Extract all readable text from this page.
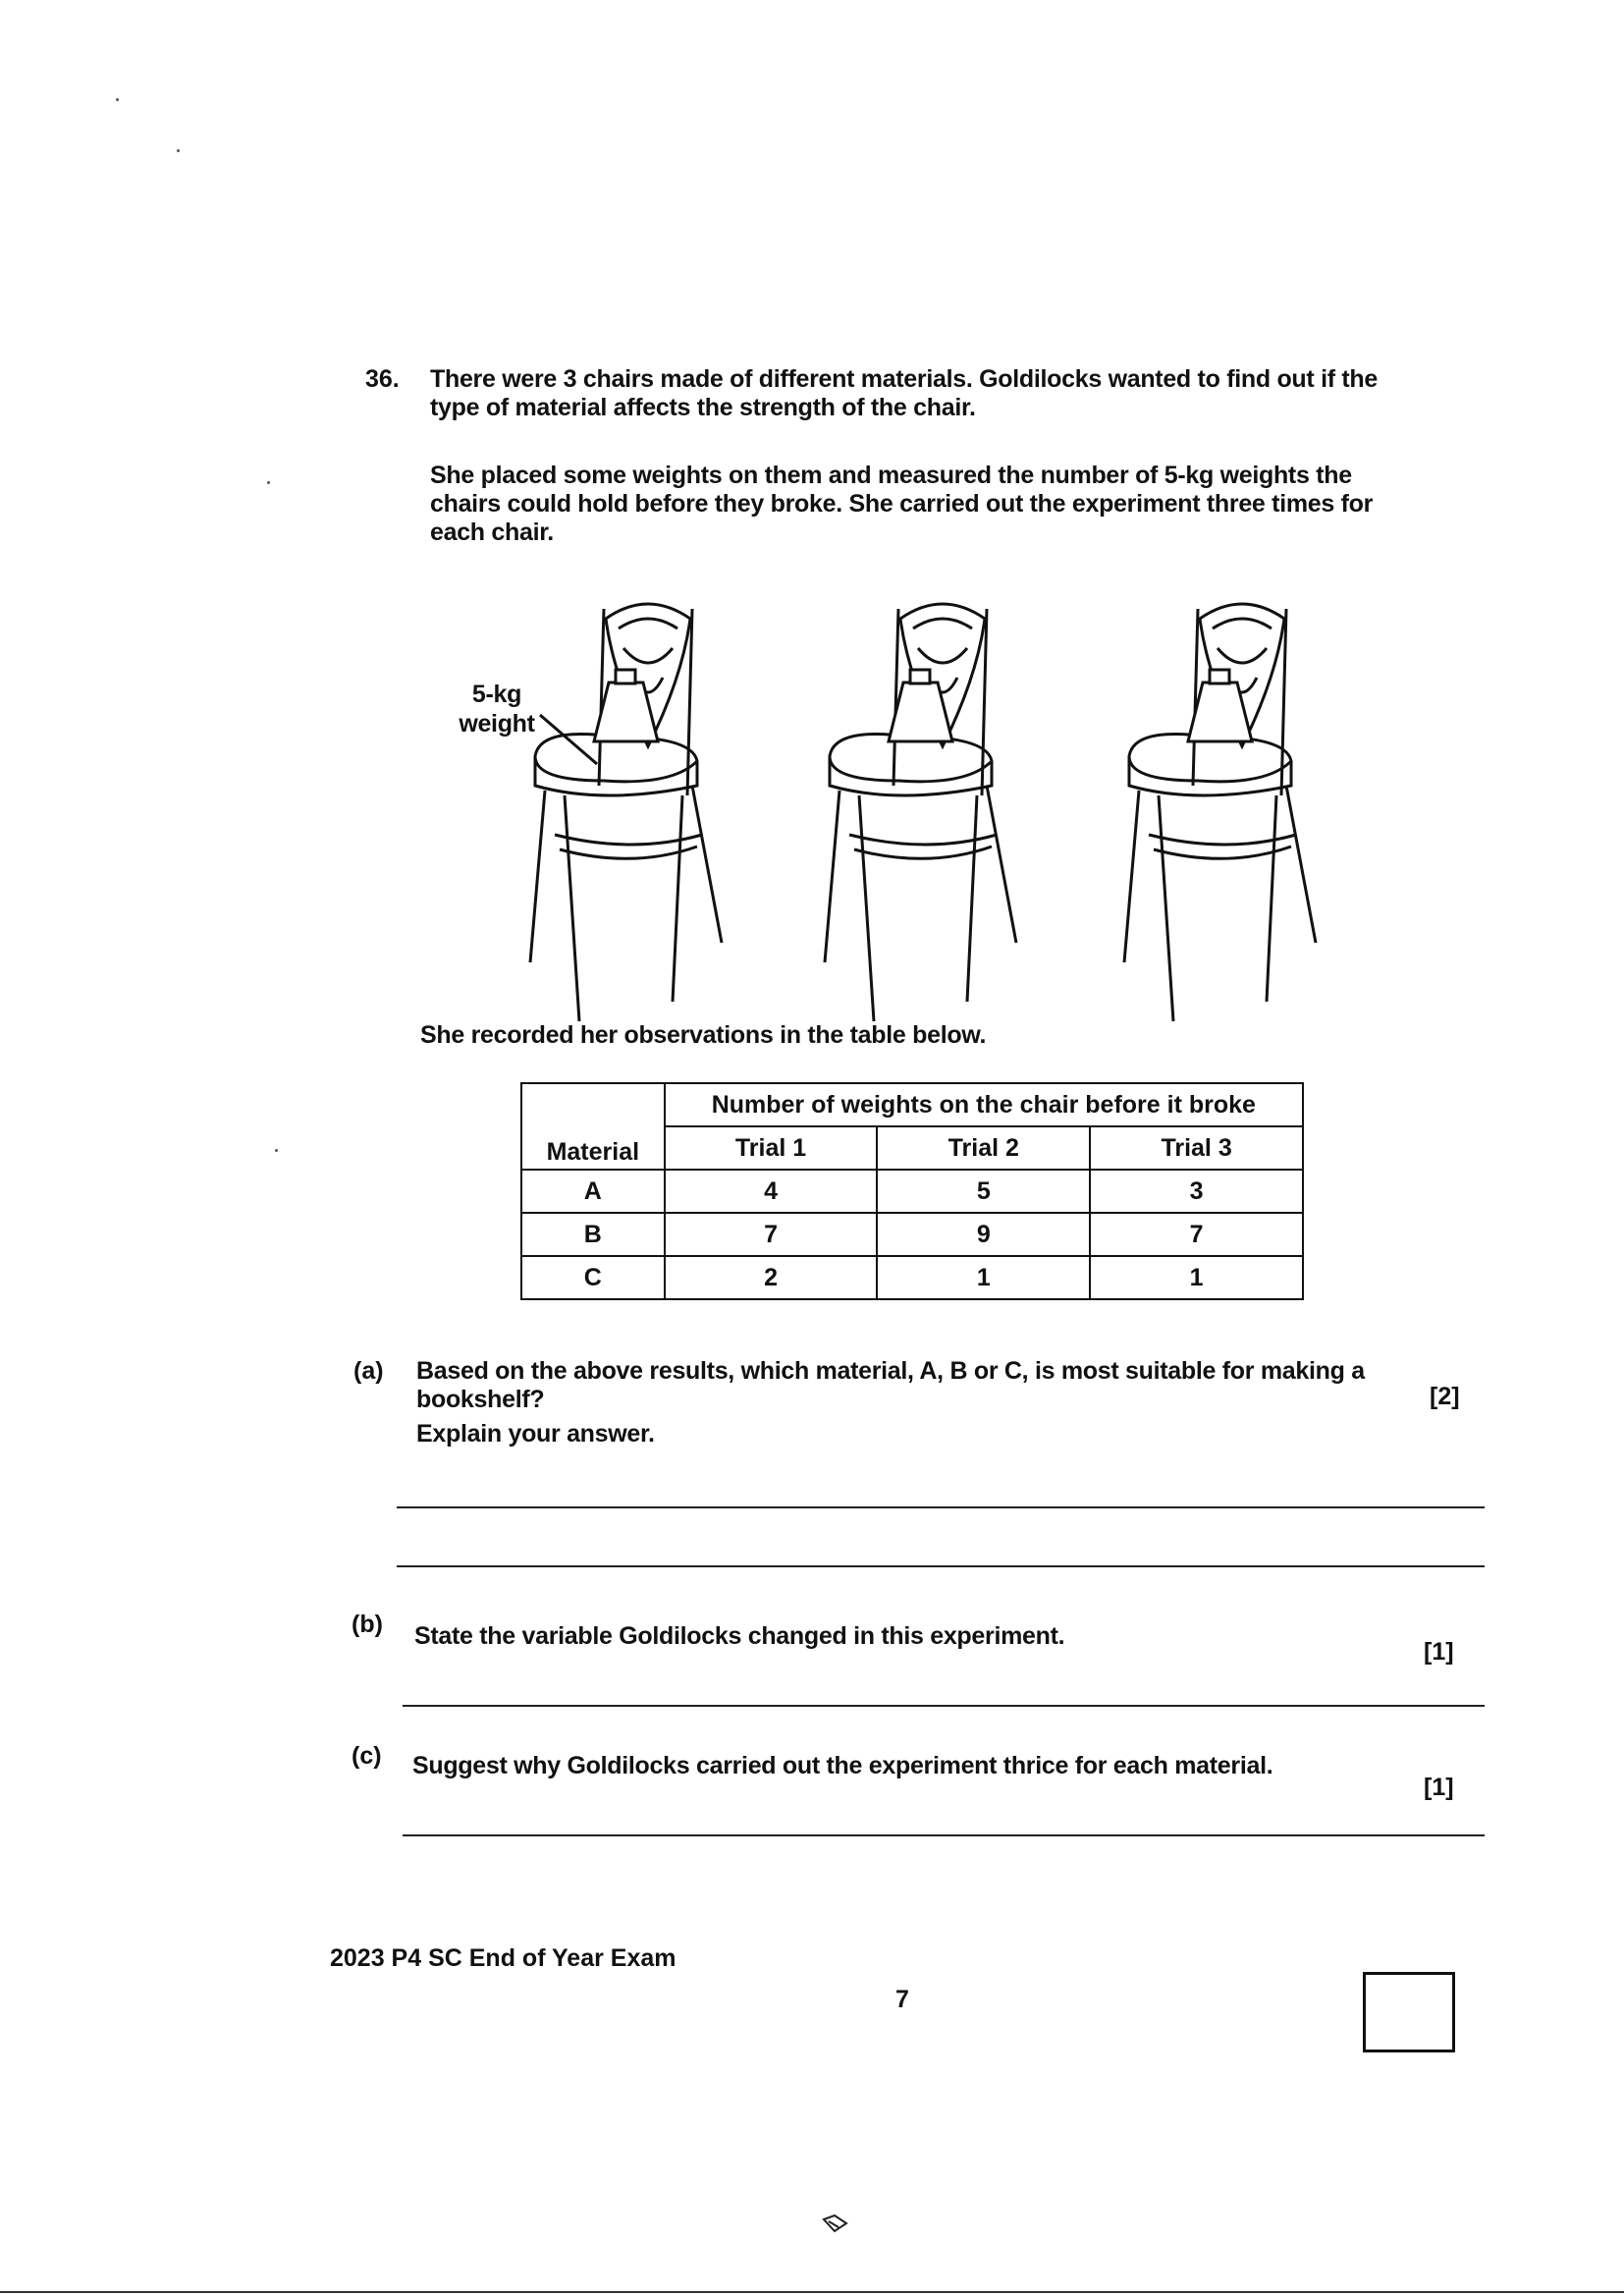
36. There were 3 chairs made of different materials. Goldilocks wanted to find out if the type of material affects the strength of the chair.
She placed some weights on them and measured the number of 5-kg weights the chairs could hold before they broke. She carried out the experiment three times for each chair.
5-kg weight
She recorded her observations in the table below.
Material	Number of weights on the chair before it broke		
	Trial 1	Trial 2	Trial 3
A	4	5	3
B	7	9	7
C	2	1	1
(a) Based on the above results, which material, A, B or C, is most suitable for making a bookshelf?
Explain your answer.
[2]
(b) State the variable Goldilocks changed in this experiment.
[1]
(c) Suggest why Goldilocks carried out the experiment thrice for each material.
[1]
2023 P4 SC End of Year Exam
7
